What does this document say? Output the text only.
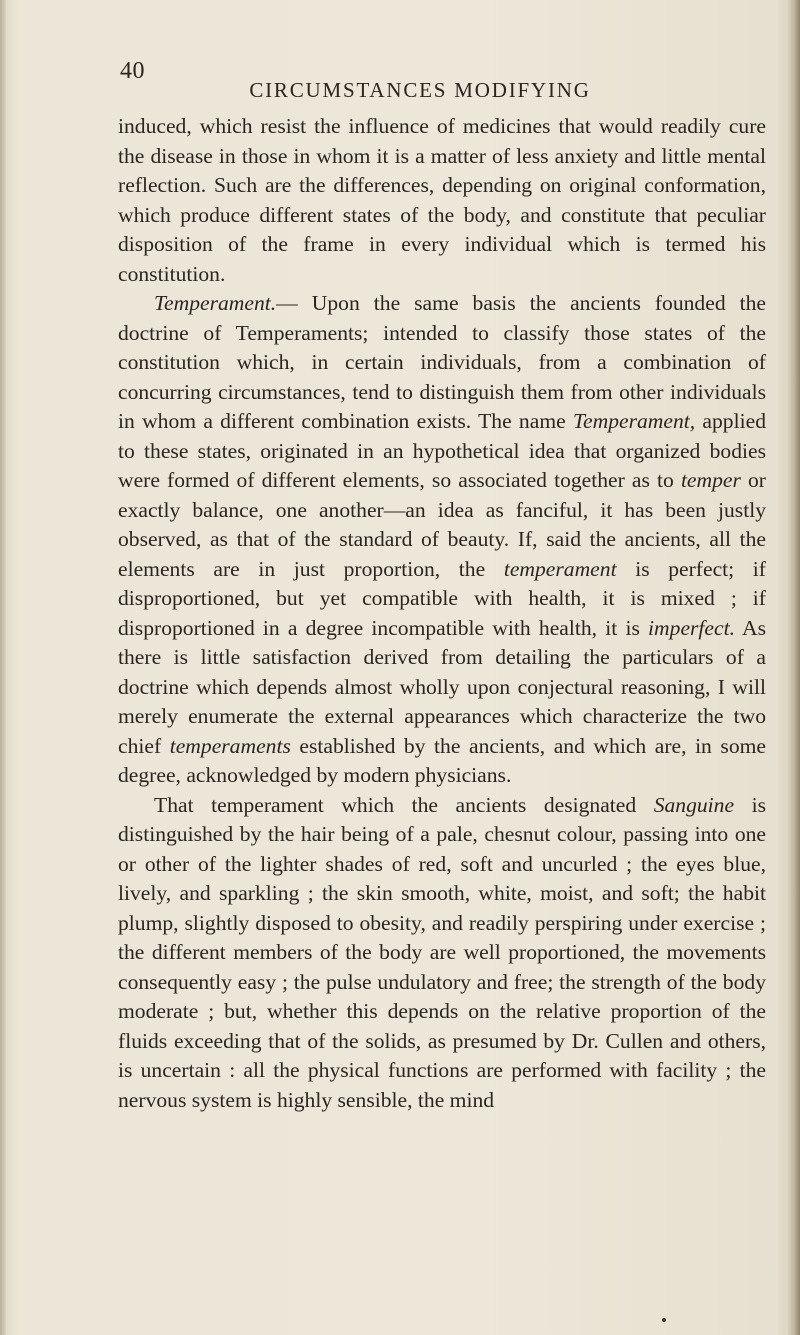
40
CIRCUMSTANCES MODIFYING

induced, which resist the influence of medicines that would readily cure the disease in those in whom it is a matter of less anxiety and little mental reflection. Such are the differences, depending on original conformation, which produce different states of the body, and constitute that peculiar disposition of the frame in every individual which is termed his constitution.

Temperament.— Upon the same basis the ancients founded the doctrine of Temperaments; intended to classify those states of the constitution which, in certain individuals, from a combination of concurring circumstances, tend to distinguish them from other individuals in whom a different combination exists. The name Temperament, applied to these states, originated in an hypothetical idea that organized bodies were formed of different elements, so associated together as to temper or exactly balance, one another—an idea as fanciful, it has been justly observed, as that of the standard of beauty. If, said the ancients, all the elements are in just proportion, the temperament is perfect; if disproportioned, but yet compatible with health, it is mixed ; if disproportioned in a degree incompatible with health, it is imperfect. As there is little satisfaction derived from detailing the particulars of a doctrine which depends almost wholly upon conjectural reasoning, I will merely enumerate the external appearances which characterize the two chief temperaments established by the ancients, and which are, in some degree, acknowledged by modern physicians.

That temperament which the ancients designated Sanguine is distinguished by the hair being of a pale, chesnut colour, passing into one or other of the lighter shades of red, soft and uncurled ; the eyes blue, lively, and sparkling ; the skin smooth, white, moist, and soft; the habit plump, slightly disposed to obesity, and readily perspiring under exercise ; the different members of the body are well proportioned, the movements consequently easy ; the pulse undulatory and free; the strength of the body moderate ; but, whether this depends on the relative proportion of the fluids exceeding that of the solids, as presumed by Dr. Cullen and others, is uncertain : all the physical functions are performed with facility ; the nervous system is highly sensible, the mind
